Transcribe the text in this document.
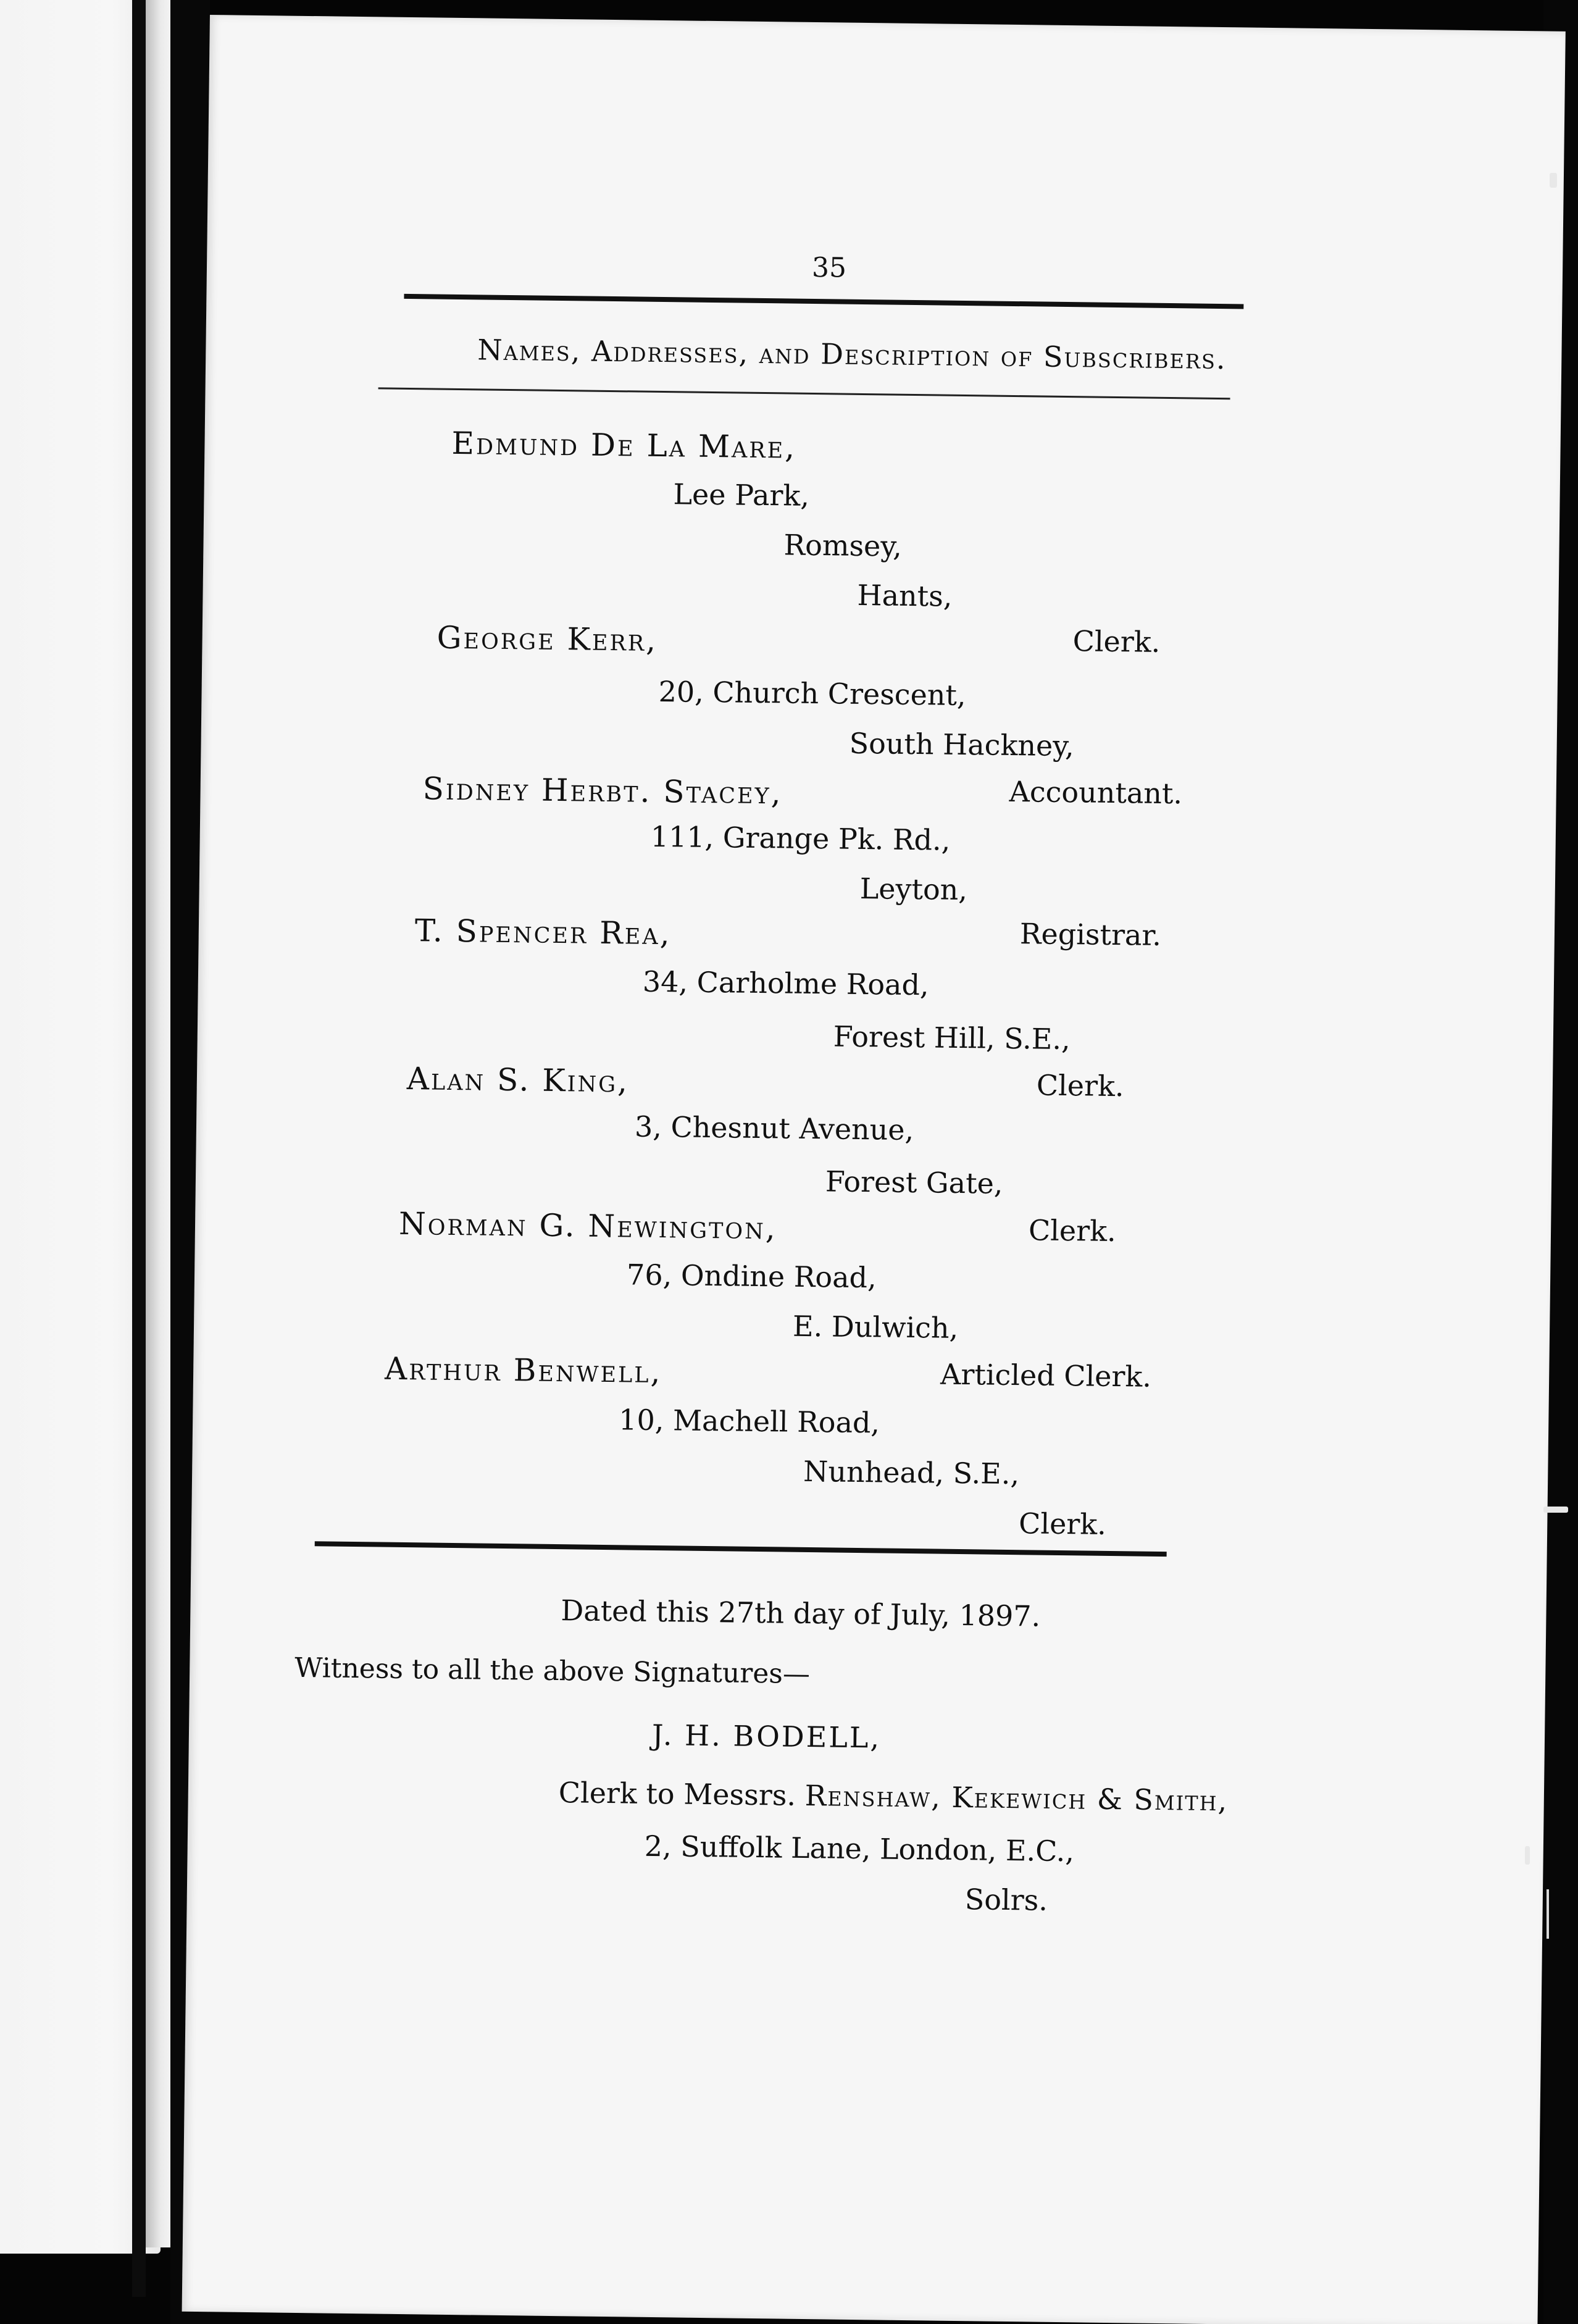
35
Names, Addresses, and Description of Subscribers.
Edmund De La Mare,
Lee Park,
Romsey,
Hants,
Clerk.
George Kerr,
20, Church Crescent,
South Hackney,
Accountant.
Sidney Herbt. Stacey,
111, Grange Pk. Rd.,
Leyton,
Registrar.
T. Spencer Rea,
34, Carholme Road,
Forest Hill, S.E.,
Clerk.
Alan S. King,
3, Chesnut Avenue,
Forest Gate,
Clerk.
Norman G. Newington,
76, Ondine Road,
E. Dulwich,
Articled Clerk.
Arthur Benwell,
10, Machell Road,
Nunhead, S.E.,
Clerk.
Dated this 27th day of July, 1897.
Witness to all the above Signatures—
J. H. BODELL,
Clerk to Messrs. Renshaw, Kekewich & Smith,
2, Suffolk Lane, London, E.C.,
Solrs.
